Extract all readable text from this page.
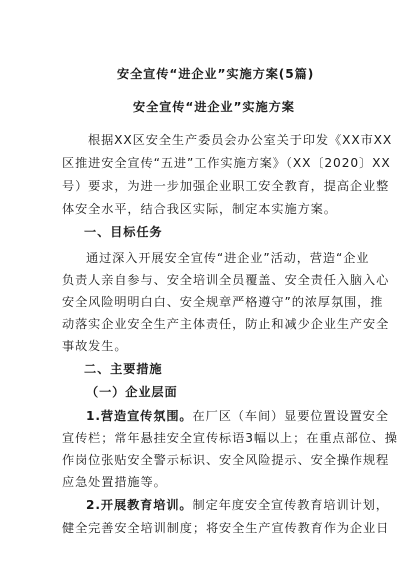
安全宣传“进企业”实施方案(5篇)
安全宣传“进企业”实施方案
根据XX区安全生产委员会办公室关于印发《XX市XX
区推进安全宣传“五进”工作实施方案》（XX〔2020〕XX
号）要求，为进一步加强企业职工安全教育，提高企业整
体安全水平，结合我区实际，制定本实施方案。
一、目标任务
通过深入开展安全宣传“进企业”活动，营造“企业
负责人亲自参与、安全培训全员覆盖、安全责任入脑入心
安全风险明明白白、安全规章严格遵守”的浓厚氛围，推
动落实企业安全生产主体责任，防止和减少企业生产安全
事故发生。
二、主要措施
（一）企业层面
1.营造宣传氛围。在厂区（车间）显要位置设置安全
宣传栏；常年悬挂安全宣传标语3幅以上；在重点部位、操
作岗位张贴安全警示标识、安全风险提示、安全操作规程
应急处置措施等。
2.开展教育培训。制定年度安全宣传教育培训计划，
健全完善安全培训制度；将安全生产宣传教育作为企业日
